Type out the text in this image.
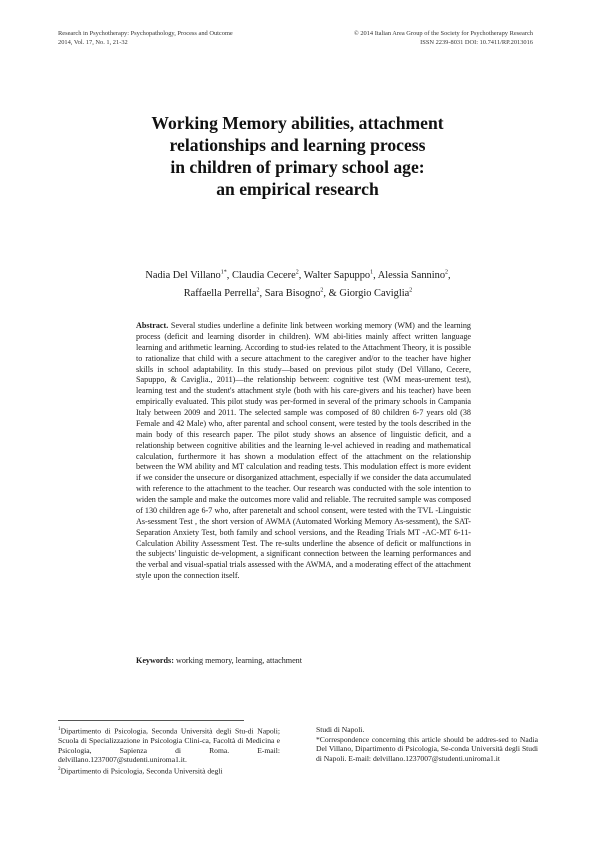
Research in Psychotherapy: Psychopathology, Process and Outcome
2014, Vol. 17, No. 1, 21-32
© 2014 Italian Area Group of the Society for Psychotherapy Research
ISSN 2239-8031 DOI: 10.7411/RP.2013016
Working Memory abilities, attachment
relationships and learning process
in children of primary school age:
an empirical research
Nadia Del Villano$^{1*}$, Claudia Cecere$^2$, Walter Sapuppo$^1$, Alessia Sannino$^2$,
Raffaella Perrella$^2$, Sara Bisogno$^2$, & Giorgio Caviglia$^2$
Abstract. Several studies underline a definite link between working memory (WM) and the learning process (deficit and learning disorder in children). WM abi-lities mainly affect written language learning and arithmetic learning. According to stud-ies related to the Attachment Theory, it is possible to rationalize that child with a secure attachment to the caregiver and/or to the teacher have higher skills in school adaptability. In this study—based on previous pilot study (Del Villano, Cecere, Sapuppo, & Caviglia., 2011)—the relationship between: cognitive test (WM meas-urement test), learning test and the student's attachment style (both with his care-givers and his teacher) have been empirically evaluated. This pilot study was per-formed in several of the primary schools in Campania Italy between 2009 and 2011. The selected sample was composed of 80 children 6-7 years old (38 Female and 42 Male) who, after parental and school consent, were tested by the tools described in the main body of this research paper. The pilot study shows an absence of linguistic deficit, and a relationship between cognitive abilities and the learning le-vel achieved in reading and mathematical calculation, furthermore it has shown a modulation effect of the attachment on the relationship between the WM ability and MT calculation and reading tests. This modulation effect is more evident if we consider the unsecure or disorganized attachment, especially if we consider the data accumulated with reference to the attachment to the teacher. Our research was conducted with the sole intention to widen the sample and make the outcomes more valid and reliable. The recruited sample was composed of 130 children age 6-7 who, after parenetalt and school consent, were tested with the TVL -Linguistic As-sessment Test , the short version of AWMA (Automated Working Memory As-sessment), the SAT- Separation Anxiety Test, both family and school versions, and the Reading Trials MT -AC-MT 6-11- Calculation Ability Assessment Test. The re-sults underline the absence of deficit or malfunctions in the subjects' linguistic de-velopment, a significant connection between the learning performances and the verbal and visual-spatial trials assessed with the AWMA, and a moderating effect of the attachment style upon the connection itself.
Keywords: working memory, learning, attachment

$^1$Dipartimento di Psicologia, Seconda Università degli Stu-di Napoli; Scuola di Specializzazione in Psicologia Clini-ca, Facoltà di Medicina e Psicologia, Sapienza di Roma. E-mail: delvillano.1237007@studenti.uniroma1.it.

$^2$Dipartimento di Psicologia, Seconda Università degli

Studi di Napoli.

*Correspondence concerning this article should be addres-sed to Nadia Del Villano, Dipartimento di Psicologia, Se-conda Università degli Studi di Napoli. E-mail: delvillano.1237007@studenti.uniroma1.it
